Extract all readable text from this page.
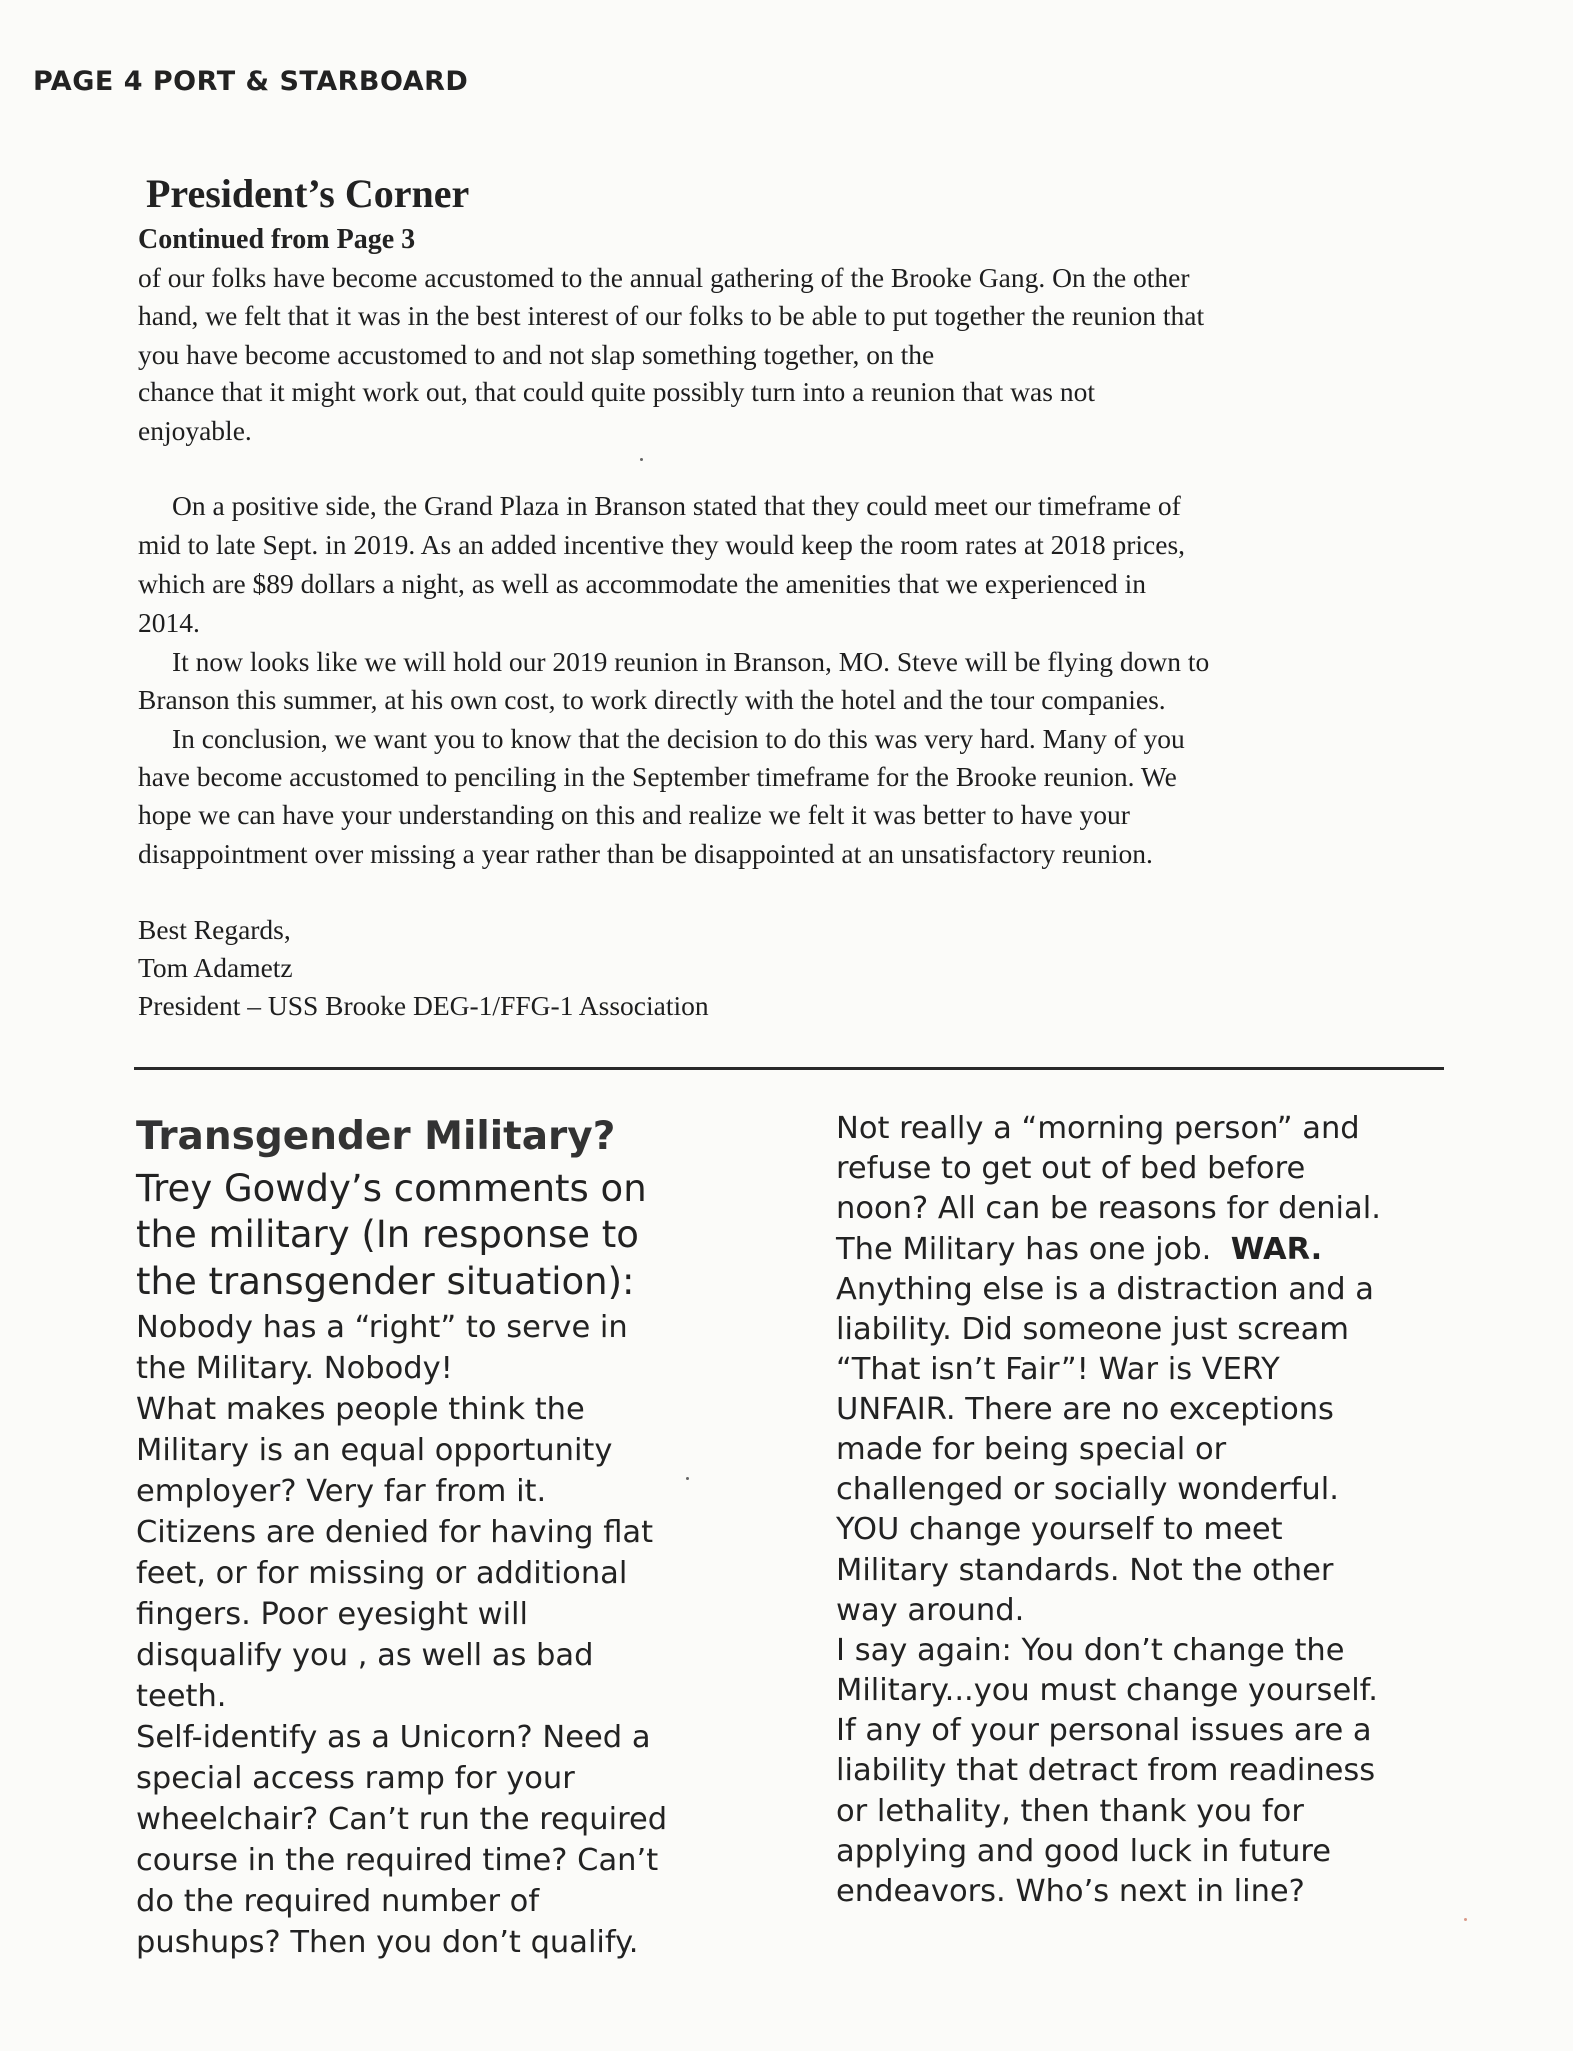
PAGE 4 PORT & STARBOARD
President’s Corner
Continued from Page 3
of our folks have become accustomed to the annual gathering of the Brooke Gang. On the other
hand, we felt that it was in the best interest of our folks to be able to put together the reunion that
you have become accustomed to and not slap something together, on the
chance that it might work out, that could quite possibly turn into a reunion that was not
enjoyable.
On a positive side, the Grand Plaza in Branson stated that they could meet our timeframe of
mid to late Sept. in 2019. As an added incentive they would keep the room rates at 2018 prices,
which are $89 dollars a night, as well as accommodate the amenities that we experienced in
2014.
It now looks like we will hold our 2019 reunion in Branson, MO. Steve will be flying down to
Branson this summer, at his own cost, to work directly with the hotel and the tour companies.
In conclusion, we want you to know that the decision to do this was very hard. Many of you
have become accustomed to penciling in the September timeframe for the Brooke reunion. We
hope we can have your understanding on this and realize we felt it was better to have your
disappointment over missing a year rather than be disappointed at an unsatisfactory reunion.
Best Regards,
Tom Adametz
President – USS Brooke DEG-1/FFG-1 Association
Transgender Military?
Trey Gowdy’s comments on
the military (In response to
the transgender situation):
Nobody has a “right” to serve in
the Military. Nobody!
What makes people think the
Military is an equal opportunity
employer? Very far from it.
Citizens are denied for having flat
feet, or for missing or additional
fingers. Poor eyesight will
disqualify you , as well as bad
teeth.
Self-identify as a Unicorn? Need a
special access ramp for your
wheelchair? Can’t run the required
course in the required time? Can’t
do the required number of
pushups? Then you don’t qualify.
Not really a “morning person” and
refuse to get out of bed before
noon? All can be reasons for denial.
The Military has one job. WAR.
Anything else is a distraction and a
liability. Did someone just scream
“That isn’t Fair”! War is VERY
UNFAIR. There are no exceptions
made for being special or
challenged or socially wonderful.
YOU change yourself to meet
Military standards. Not the other
way around.
I say again: You don’t change the
Military...you must change yourself.
If any of your personal issues are a
liability that detract from readiness
or lethality, then thank you for
applying and good luck in future
endeavors. Who’s next in line?
